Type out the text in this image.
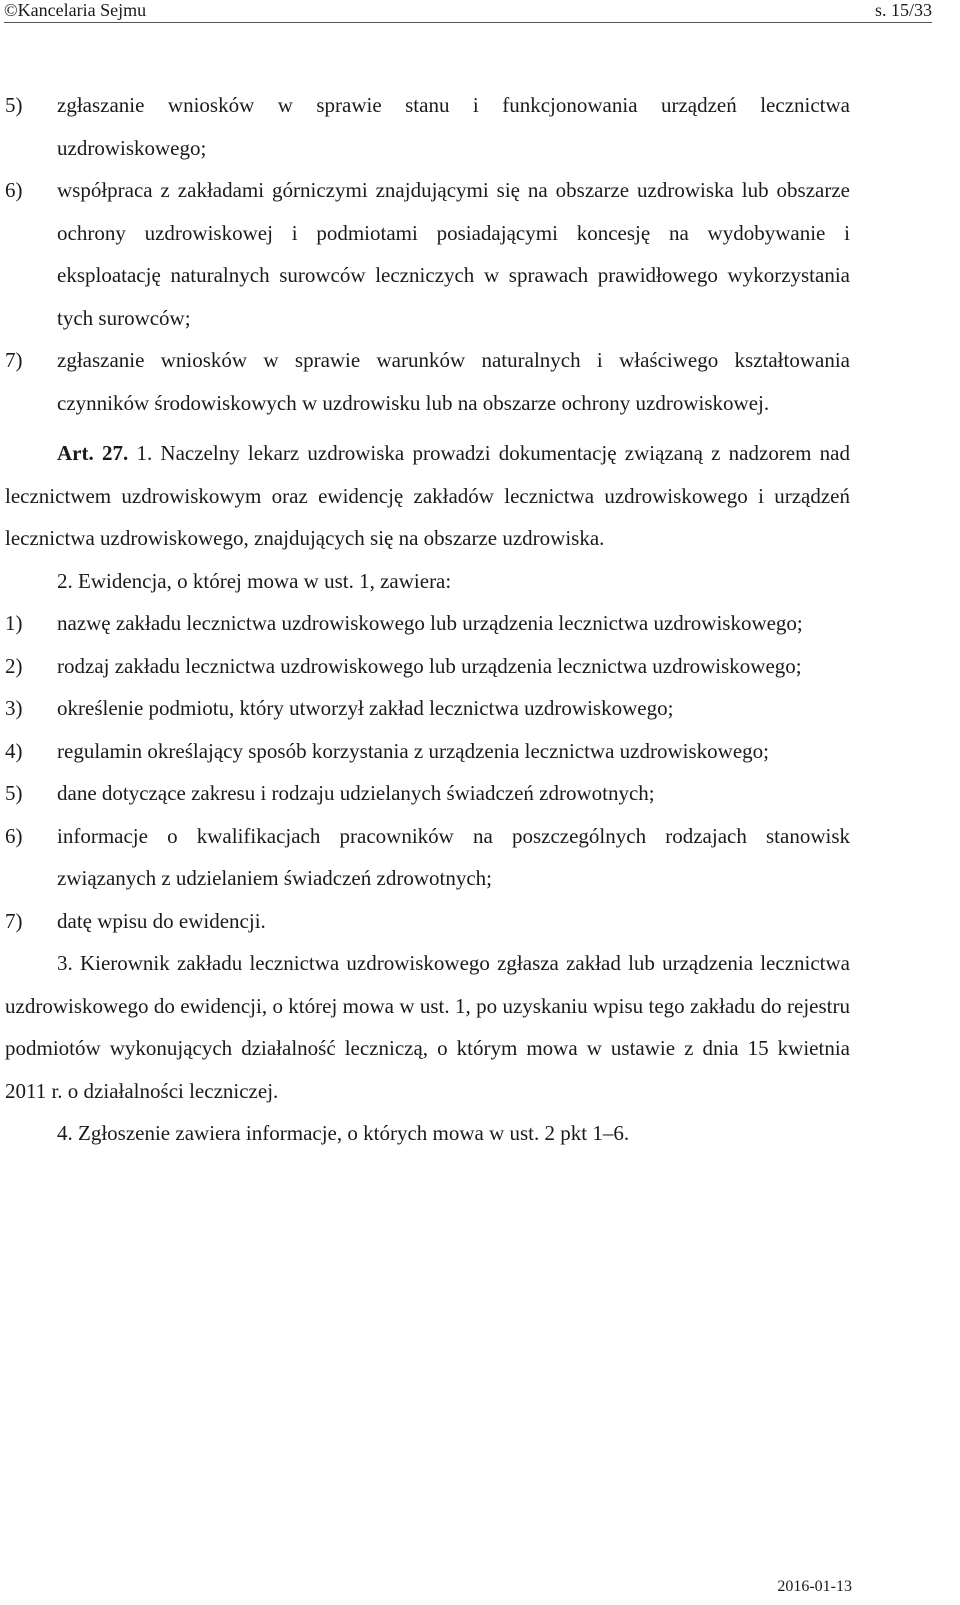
©Kancelaria Sejmu	s. 15/33
5)	zgłaszanie wniosków w sprawie stanu i funkcjonowania urządzeń lecznictwa uzdrowiskowego;
6)	współpraca z zakładami górniczymi znajdującymi się na obszarze uzdrowiska lub obszarze ochrony uzdrowiskowej i podmiotami posiadającymi koncesję na wydobywanie i eksploatację naturalnych surowców leczniczych w sprawach prawidłowego wykorzystania tych surowców;
7)	zgłaszanie wniosków w sprawie warunków naturalnych i właściwego kształtowania czynników środowiskowych w uzdrowisku lub na obszarze ochrony uzdrowiskowej.
Art. 27. 1. Naczelny lekarz uzdrowiska prowadzi dokumentację związaną z nadzorem nad lecznictwem uzdrowiskowym oraz ewidencję zakładów lecznictwa uzdrowiskowego i urządzeń lecznictwa uzdrowiskowego, znajdujących się na obszarze uzdrowiska.
2. Ewidencja, o której mowa w ust. 1, zawiera:
1)	nazwę zakładu lecznictwa uzdrowiskowego lub urządzenia lecznictwa uzdrowiskowego;
2)	rodzaj zakładu lecznictwa uzdrowiskowego lub urządzenia lecznictwa uzdrowiskowego;
3)	określenie podmiotu, który utworzył zakład lecznictwa uzdrowiskowego;
4)	regulamin określający sposób korzystania z urządzenia lecznictwa uzdrowiskowego;
5)	dane dotyczące zakresu i rodzaju udzielanych świadczeń zdrowotnych;
6)	informacje o kwalifikacjach pracowników na poszczególnych rodzajach stanowisk związanych z udzielaniem świadczeń zdrowotnych;
7)	datę wpisu do ewidencji.
3. Kierownik zakładu lecznictwa uzdrowiskowego zgłasza zakład lub urządzenia lecznictwa uzdrowiskowego do ewidencji, o której mowa w ust. 1, po uzyskaniu wpisu tego zakładu do rejestru podmiotów wykonujących działalność leczniczą, o którym mowa w ustawie z dnia 15 kwietnia 2011 r. o działalności leczniczej.
4. Zgłoszenie zawiera informacje, o których mowa w ust. 2 pkt 1–6.
2016-01-13
